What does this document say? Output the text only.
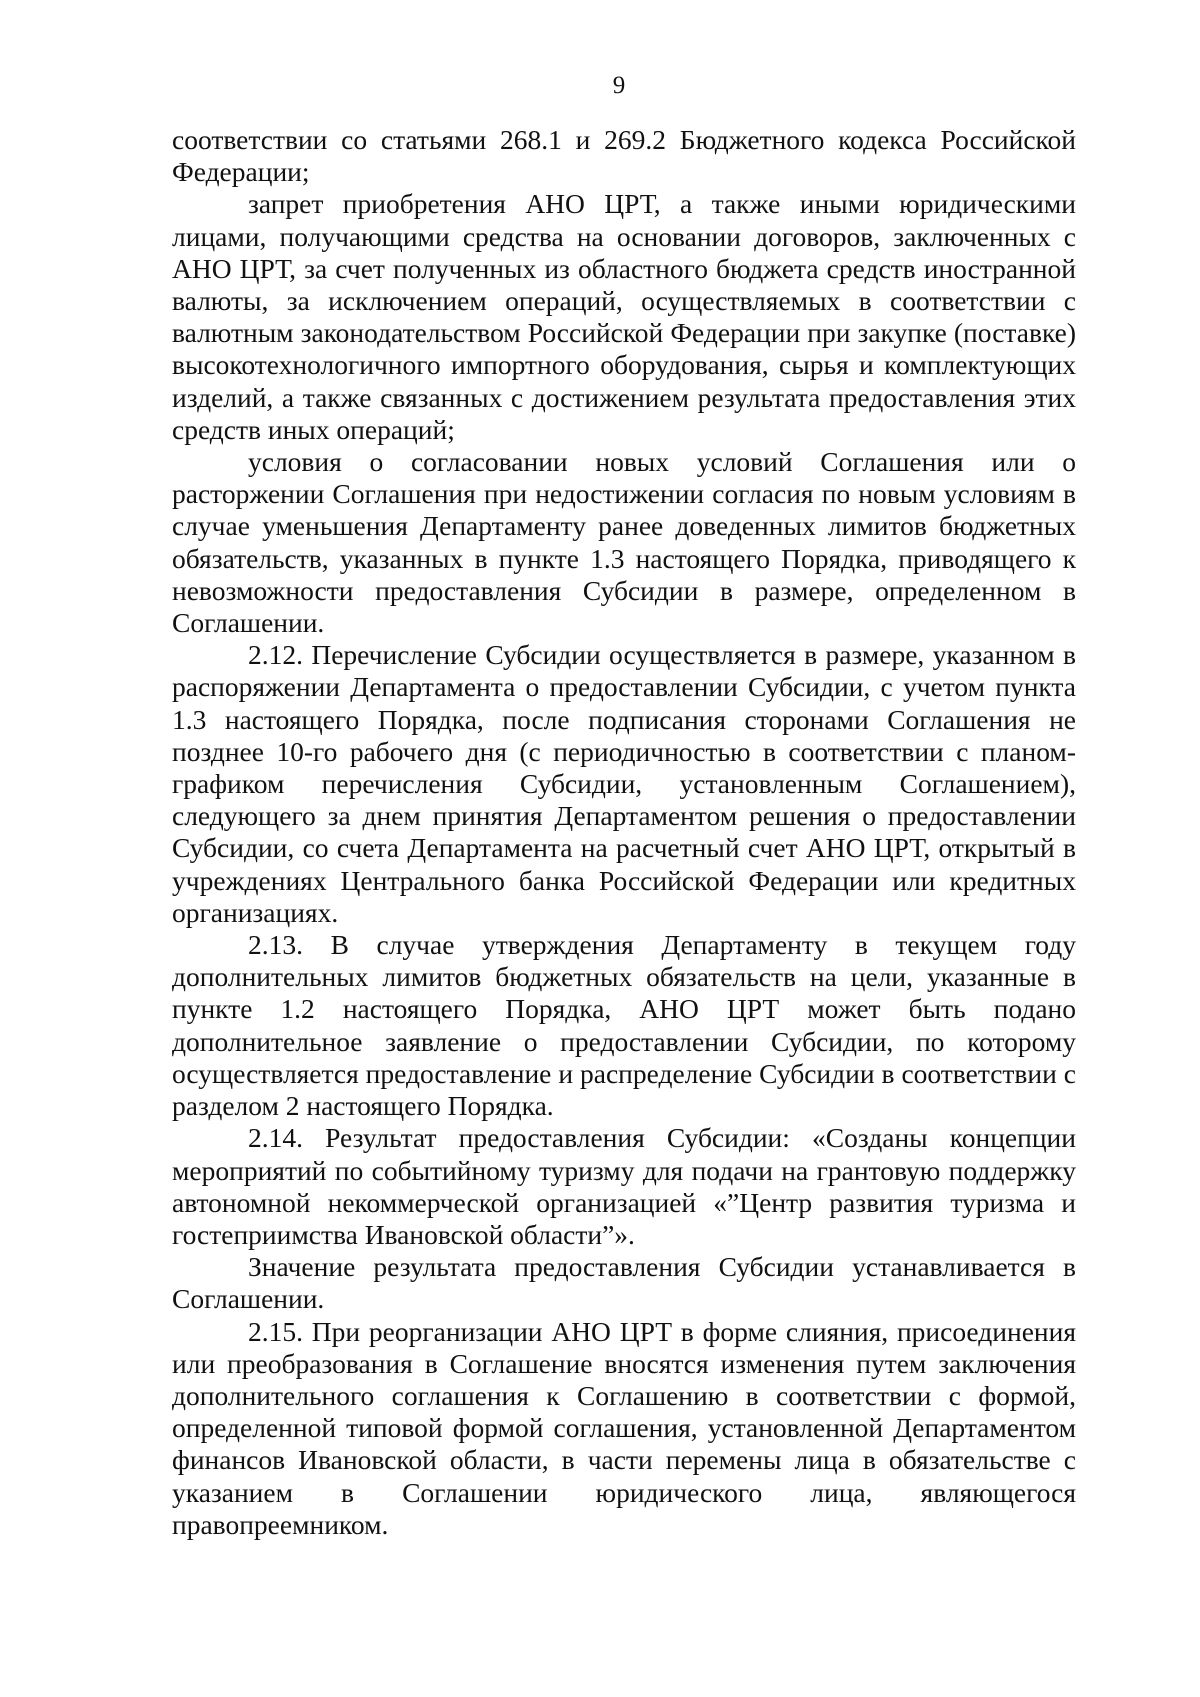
9

соответствии со статьями 268.1 и 269.2 Бюджетного кодекса Российской Федерации;

запрет приобретения АНО ЦРТ, а также иными юридическими лицами, получающими средства на основании договоров, заключенных с АНО ЦРТ, за счет полученных из областного бюджета средств иностранной валюты, за исключением операций, осуществляемых в соответствии с валютным законодательством Российской Федерации при закупке (поставке) высокотехнологичного импортного оборудования, сырья и комплектующих изделий, а также связанных с достижением результата предоставления этих средств иных операций;

условия о согласовании новых условий Соглашения или о расторжении Соглашения при недостижении согласия по новым условиям в случае уменьшения Департаменту ранее доведенных лимитов бюджетных обязательств, указанных в пункте 1.3 настоящего Порядка, приводящего к невозможности предоставления Субсидии в размере, определенном в Соглашении.

2.12. Перечисление Субсидии осуществляется в размере, указанном в распоряжении Департамента о предоставлении Субсидии, с учетом пункта 1.3 настоящего Порядка, после подписания сторонами Соглашения не позднее 10-го рабочего дня (с периодичностью в соответствии с планом-графиком перечисления Субсидии, установленным Соглашением), следующего за днем принятия Департаментом решения о предоставлении Субсидии, со счета Департамента на расчетный счет АНО ЦРТ, открытый в учреждениях Центрального банка Российской Федерации или кредитных организациях.

2.13. В случае утверждения Департаменту в текущем году дополнительных лимитов бюджетных обязательств на цели, указанные в пункте 1.2 настоящего Порядка, АНО ЦРТ может быть подано дополнительное заявление о предоставлении Субсидии, по которому осуществляется предоставление и распределение Субсидии в соответствии с разделом 2 настоящего Порядка.

2.14. Результат предоставления Субсидии: «Созданы концепции мероприятий по событийному туризму для подачи на грантовую поддержку автономной некоммерческой организацией «”Центр развития туризма и гостеприимства Ивановской области”».

Значение результата предоставления Субсидии устанавливается в Соглашении.

2.15. При реорганизации АНО ЦРТ в форме слияния, присоединения или преобразования в Соглашение вносятся изменения путем заключения дополнительного соглашения к Соглашению в соответствии с формой, определенной типовой формой соглашения, установленной Департаментом финансов Ивановской области, в части перемены лица в обязательстве с указанием в Соглашении юридического лица, являющегося правопреемником.
